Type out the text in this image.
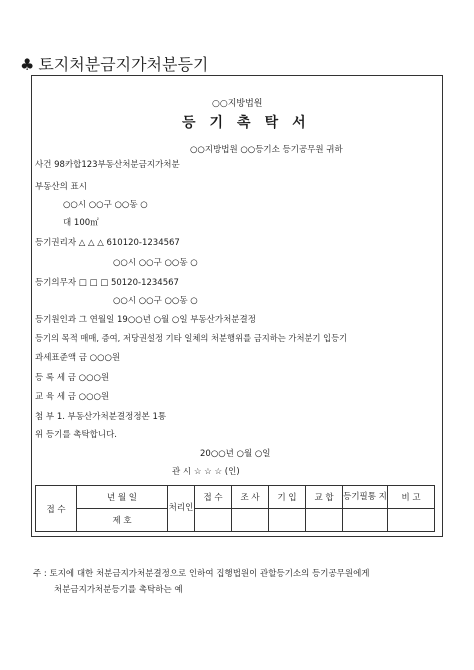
♣ 토지처분금지가처분등기
○○지방법원
등기촉탁서
○○지방법원 ○○등기소 등기공무원 귀하
사건 98카합123부동산처분금지가처분
부동산의 표시
○○시 ○○구 ○○동 ○
대 100㎡
등기권리자 △ △ △ 610120-1234567
○○시 ○○구 ○○동 ○
등기의무자 □ □ □ 50120-1234567
○○시 ○○구 ○○동 ○
등기원인과 그 연월일 19○○년 ○월 ○일 부동산가처분결정
등기의 목적 매매, 증여, 저당권설정 기타 일체의 처분행위를 금지하는 가처분기 입등기
과세표준액 금 ○○○원
등 록 세 금 ○○○원
교 육 세 금 ○○○원
첨 부 1. 부동산가처분결정정본 1통
위 등기를 촉탁합니다.
20○○년 ○월 ○일
관 시 ☆ ☆ ☆ (인)
접 수	년 월 일	처리인	접 수	조 사	기 입	교 합	등기필통 지	비 고
	제 호							
주 : 토지에 대한 처분금지가처분결정으로 인하여 집행법원이 관할등기소의 등기공무원에게
처분금지가처분등기를 촉탁하는 예
